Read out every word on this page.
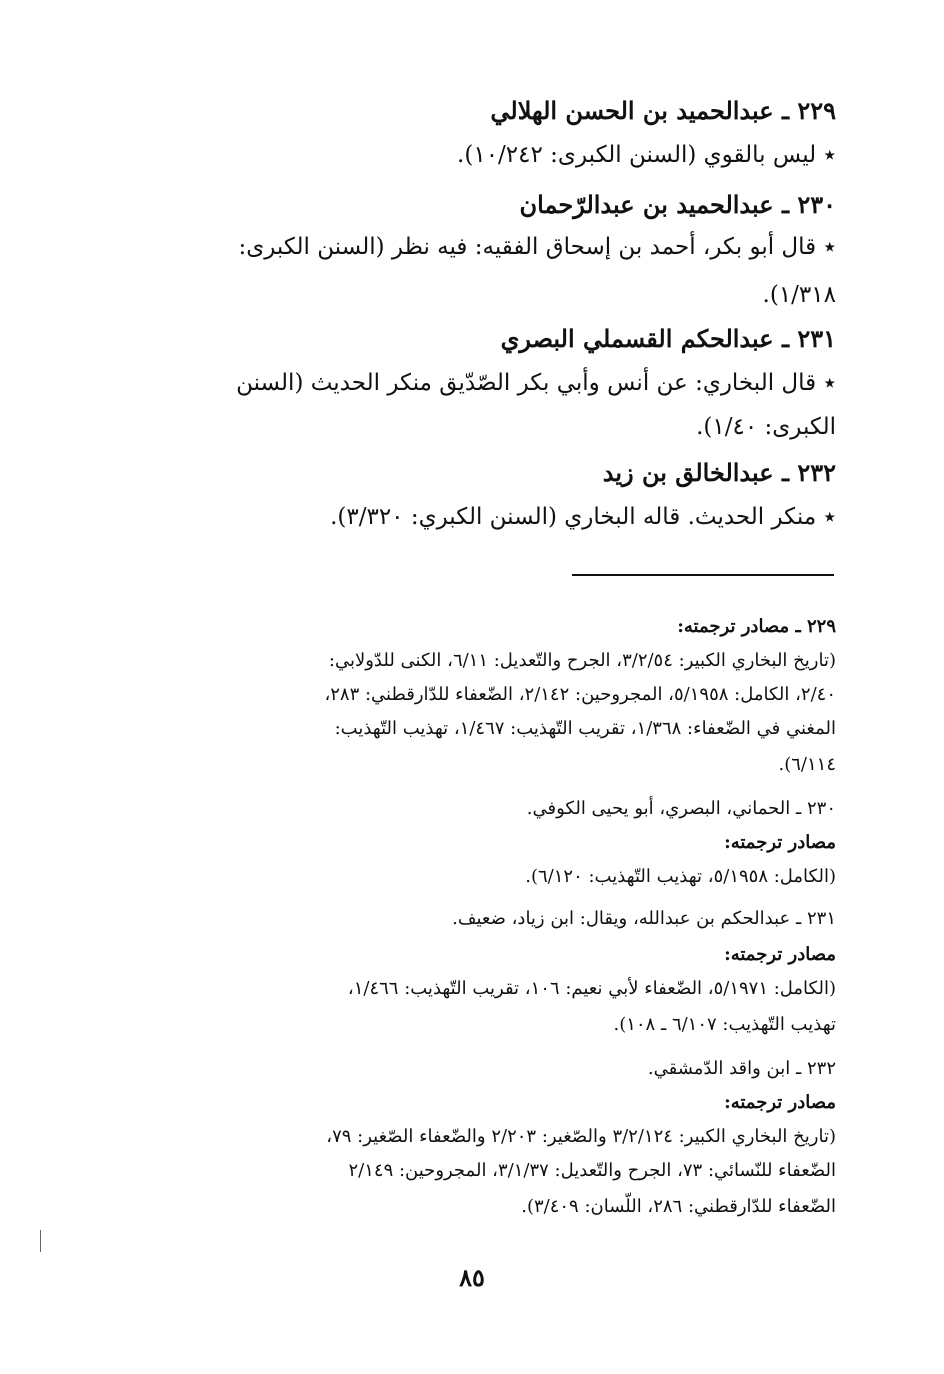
٢٢٩ ـ عبدالحميد بن الحسن الهلالي

٭ ليس بالقوي (السنن الكبرى: ١٠/٢٤٢).

٢٣٠ ـ عبدالحميد بن عبدالرّحمان

٭ قال أبو بكر، أحمد بن إسحاق الفقيه: فيه نظر (السنن الكبرى:

١/٣١٨).

٢٣١ ـ عبدالحكم القسملي البصري

٭ قال البخاري: عن أنس وأبي بكر الصّدّيق منكر الحديث (السنن

الكبرى: ١/٤٠).

٢٣٢ ـ عبدالخالق بن زيد

٭ منكر الحديث. قاله البخاري (السنن الكبري: ٣/٣٢٠).

٢٢٩ ـ مصادر ترجمته:

(تاريخ البخاري الكبير: ٣/٢/٥٤، الجرح والتّعديل: ٦/١١، الكنى للدّولابي:

٢/٤٠، الكامل: ٥/١٩٥٨، المجروحين: ٢/١٤٢، الضّعفاء للدّارقطني: ٢٨٣،

المغني في الضّعفاء: ١/٣٦٨، تقريب التّهذيب: ١/٤٦٧، تهذيب التّهذيب:

٦/١١٤).

٢٣٠ ـ الحماني، البصري، أبو يحيى الكوفي.

مصادر ترجمته:

(الكامل: ٥/١٩٥٨، تهذيب التّهذيب: ٦/١٢٠).

٢٣١ ـ عبدالحكم بن عبدالله، ويقال: ابن زياد، ضعيف.

مصادر ترجمته:

(الكامل: ٥/١٩٧١، الضّعفاء لأبي نعيم: ١٠٦، تقريب التّهذيب: ١/٤٦٦،

تهذيب التّهذيب: ٦/١٠٧ ـ ١٠٨).

٢٣٢ ـ ابن واقد الدّمشقي.

مصادر ترجمته:

(تاريخ البخاري الكبير: ٣/٢/١٢٤ والصّغير: ٢/٢٠٣ والضّعفاء الصّغير: ٧٩،

الضّعفاء للنّسائي: ٧٣، الجرح والتّعديل: ٣/١/٣٧، المجروحين: ٢/١٤٩

الضّعفاء للدّارقطني: ٢٨٦، اللّسان: ٣/٤٠٩).

٨٥
